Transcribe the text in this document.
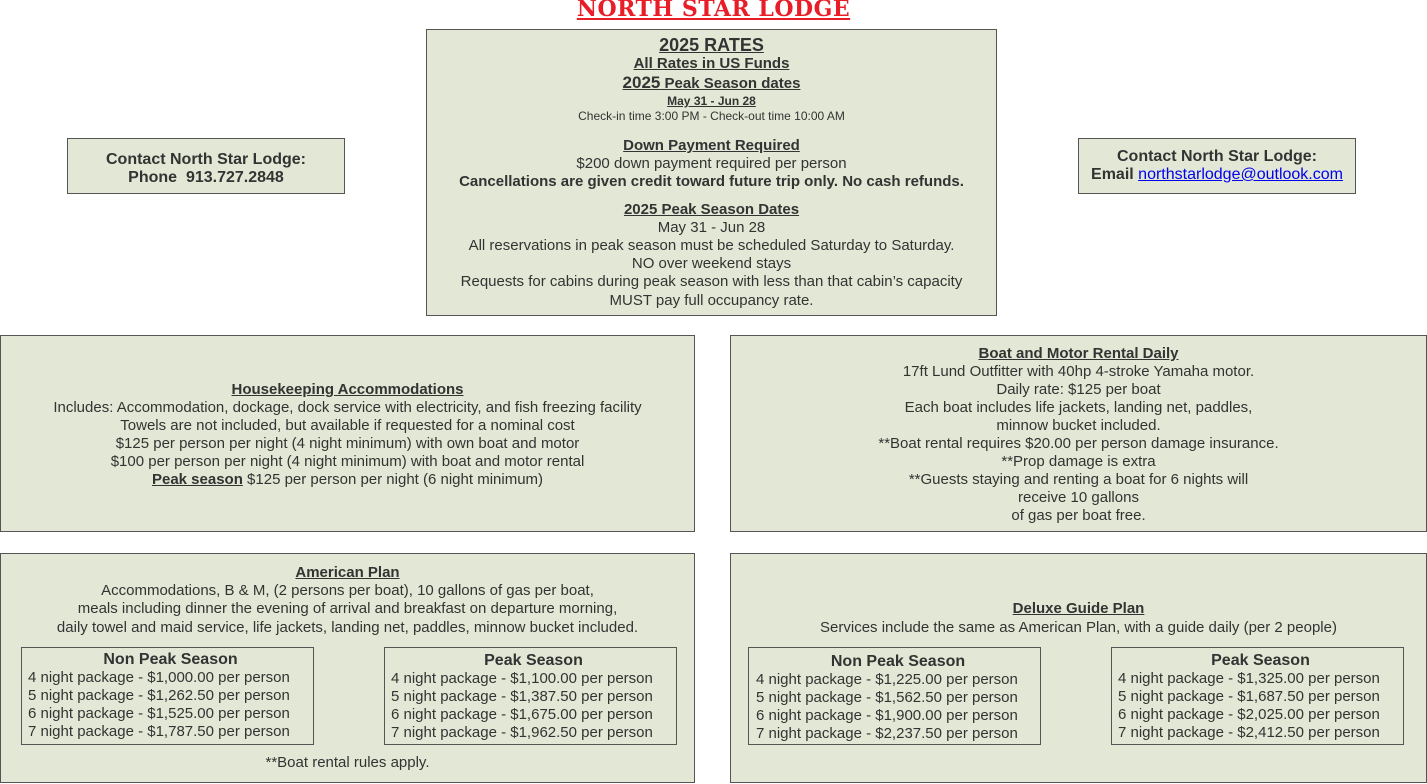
NORTH STAR LODGE
Contact North Star Lodge:
Phone 913.727.2848
Contact North Star Lodge:
Email northstarlodge@outlook.com
2025 RATES
All Rates in US Funds
2025 Peak Season dates
May 31 - Jun 28
Check-in time 3:00 PM - Check-out time 10:00 AM
Down Payment Required
$200 down payment required per person
Cancellations are given credit toward future trip only. No cash refunds.
2025 Peak Season Dates
May 31 - Jun 28
All reservations in peak season must be scheduled Saturday to Saturday.
NO over weekend stays
Requests for cabins during peak season with less than that cabin’s capacity
MUST pay full occupancy rate.
Housekeeping Accommodations
Includes: Accommodation, dockage, dock service with electricity, and fish freezing facility
Towels are not included, but available if requested for a nominal cost
$125 per person per night (4 night minimum) with own boat and motor
$100 per person per night (4 night minimum) with boat and motor rental
Peak season $125 per person per night (6 night minimum)
Boat and Motor Rental Daily
17ft Lund Outfitter with 40hp 4-stroke Yamaha motor.
Daily rate: $125 per boat
Each boat includes life jackets, landing net, paddles,
minnow bucket included.
**Boat rental requires $20.00 per person damage insurance.
**Prop damage is extra
**Guests staying and renting a boat for 6 nights will
receive 10 gallons
of gas per boat free.
American Plan
Accommodations, B & M, (2 persons per boat), 10 gallons of gas per boat,
meals including dinner the evening of arrival and breakfast on departure morning,
daily towel and maid service, life jackets, landing net, paddles, minnow bucket included.
Non Peak Season
4 night package - $1,000.00 per person
5 night package - $1,262.50 per person
6 night package - $1,525.00 per person
7 night package - $1,787.50 per person
Peak Season
4 night package - $1,100.00 per person
5 night package - $1,387.50 per person
6 night package - $1,675.00 per person
7 night package - $1,962.50 per person
**Boat rental rules apply.
Deluxe Guide Plan
Services include the same as American Plan, with a guide daily (per 2 people)
Non Peak Season
4 night package - $1,225.00 per person
5 night package - $1,562.50 per person
6 night package - $1,900.00 per person
7 night package - $2,237.50 per person
Peak Season
4 night package - $1,325.00 per person
5 night package - $1,687.50 per person
6 night package - $2,025.00 per person
7 night package - $2,412.50 per person
